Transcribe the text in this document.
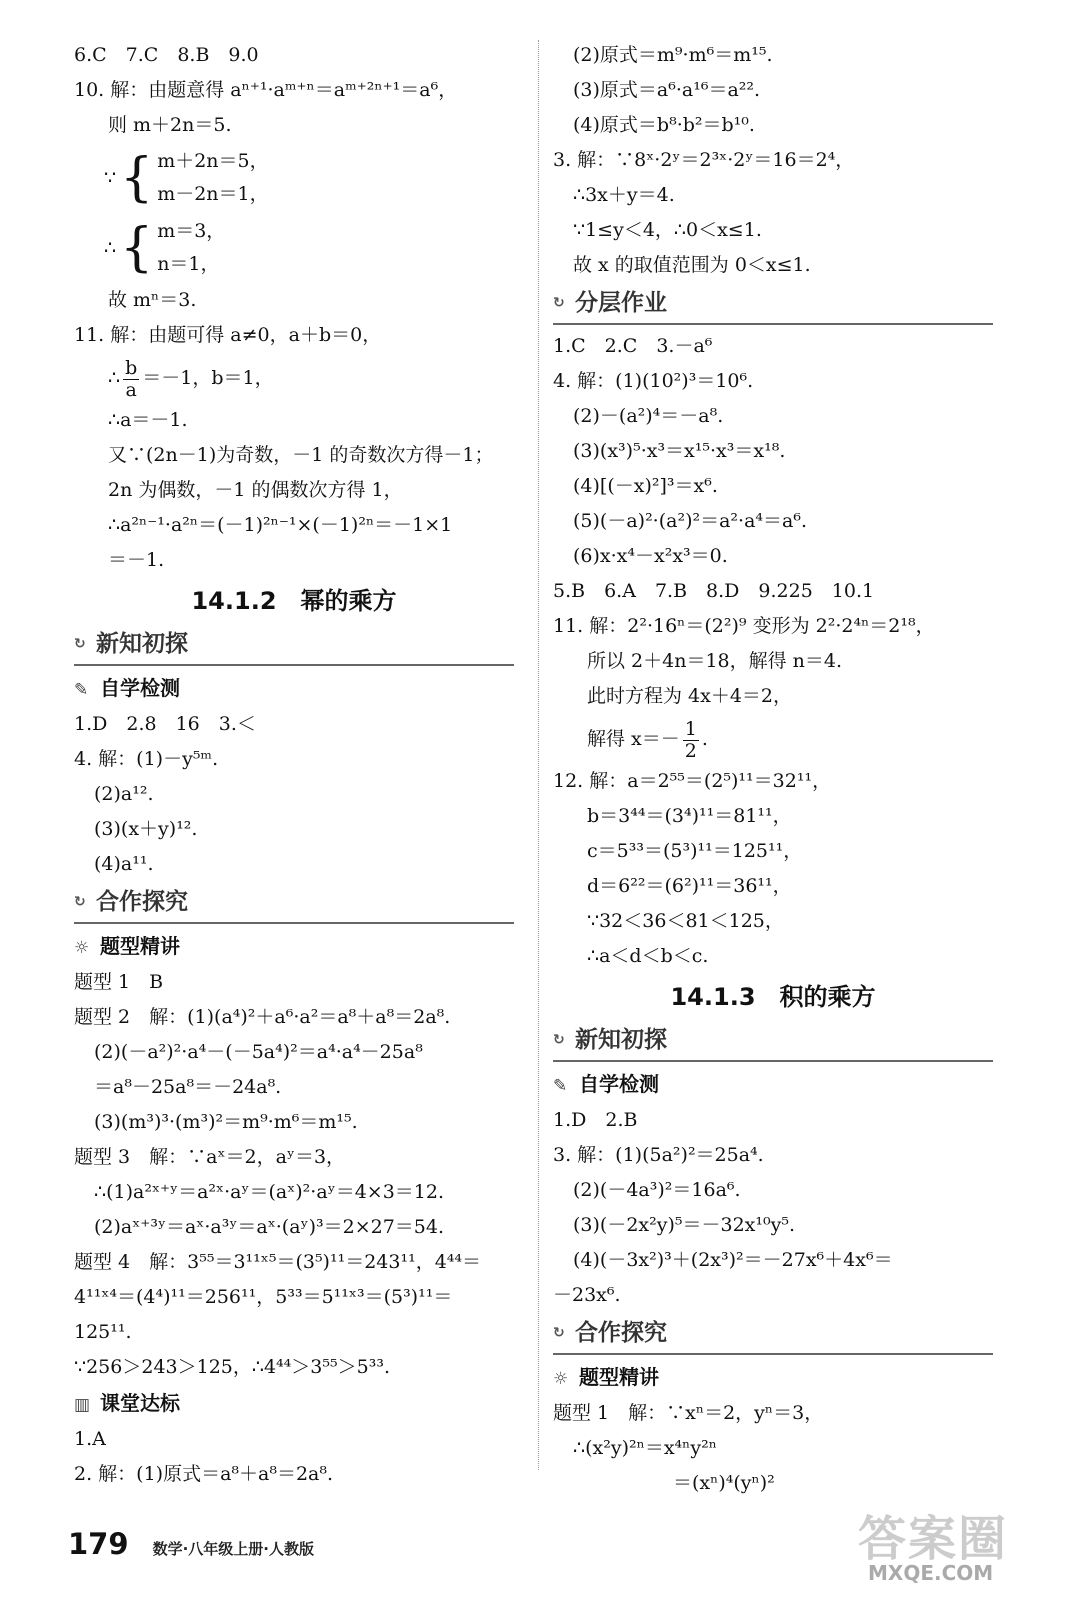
6.C　7.C　8.B　9.0
10. 解：由题意得 aⁿ⁺¹·aᵐ⁺ⁿ＝aᵐ⁺²ⁿ⁺¹＝a⁶，
则 m＋2n＝5.
∵ { m＋2n＝5，
m－2n＝1，
∴ { m＝3，
n＝1，
故 mⁿ＝3.
11. 解：由题可得 a≠0，a＋b＝0，
∴ $\frac{b}{a} =-1$，b＝1，
∴a＝－1.
又∵(2n－1)为奇数，－1 的奇数次方得－1；
2n 为偶数，－1 的偶数次方得 1，
∴a²ⁿ⁻¹·a²ⁿ＝(－1)²ⁿ⁻¹×(－1)²ⁿ＝－1×1
＝－1.
14.1.2　幂的乘方
↻ 新知初探
✎ 自学检测
1.D　2.8　16　3.＜
4. 解：(1)－y⁵ᵐ.
(2)a¹².
(3)(x＋y)¹².
(4)a¹¹.
↻ 合作探究
☼ 题型精讲
题型 1　B
题型 2　解：(1)(a⁴)²＋a⁶·a²＝a⁸＋a⁸＝2a⁸.
(2)(－a²)²·a⁴－(－5a⁴)²＝a⁴·a⁴－25a⁸
＝a⁸－25a⁸＝－24a⁸.
(3)(m³)³·(m³)²＝m⁹·m⁶＝m¹⁵.
题型 3　解：∵aˣ＝2，aʸ＝3，
∴(1)a²ˣ⁺ʸ＝a²ˣ·aʸ＝(aˣ)²·aʸ＝4×3＝12.
(2)aˣ⁺³ʸ＝aˣ·a³ʸ＝aˣ·(aʸ)³＝2×27＝54.
题型 4　解：3⁵⁵＝3¹¹ˣ⁵＝(3⁵)¹¹＝243¹¹，4⁴⁴＝
4¹¹ˣ⁴＝(4⁴)¹¹＝256¹¹，5³³＝5¹¹ˣ³＝(5³)¹¹＝
125¹¹.
∵256＞243＞125，∴4⁴⁴＞3⁵⁵＞5³³.
▥ 课堂达标
1.A
2. 解：(1)原式＝a⁸＋a⁸＝2a⁸.
(2)原式＝m⁹·m⁶＝m¹⁵.
(3)原式＝a⁶·a¹⁶＝a²².
(4)原式＝b⁸·b²＝b¹⁰.
3. 解：∵8ˣ·2ʸ＝2³ˣ·2ʸ＝16＝2⁴，
∴3x＋y＝4.
∵1≤y＜4，∴0＜x≤1.
故 x 的取值范围为 0＜x≤1.
↻ 分层作业
1.C　2.C　3.－a⁶
4. 解：(1)(10²)³＝10⁶.
(2)－(a²)⁴＝－a⁸.
(3)(x³)⁵·x³＝x¹⁵·x³＝x¹⁸.
(4)[(－x)²]³＝x⁶.
(5)(－a)²·(a²)²＝a²·a⁴＝a⁶.
(6)x·x⁴－x²x³＝0.
5.B　6.A　7.B　8.D　9.225　10.1
11. 解：2²·16ⁿ＝(2²)⁹ 变形为 2²·2⁴ⁿ＝2¹⁸，
所以 2＋4n＝18，解得 n＝4.
此时方程为 4x＋4＝2，
解得 $x=- \frac{1}{2}$ .
12. 解：a＝2⁵⁵＝(2⁵)¹¹＝32¹¹，
b＝3⁴⁴＝(3⁴)¹¹＝81¹¹，
c＝5³³＝(5³)¹¹＝125¹¹，
d＝6²²＝(6²)¹¹＝36¹¹，
∵32＜36＜81＜125，
∴a＜d＜b＜c.
14.1.3　积的乘方
↻ 新知初探
✎ 自学检测
1.D　2.B
3. 解：(1)(5a²)²＝25a⁴.
(2)(－4a³)²＝16a⁶.
(3)(－2x²y)⁵＝－32x¹⁰y⁵.
(4)(－3x²)³＋(2x³)²＝－27x⁶＋4x⁶＝
－23x⁶.
↻ 合作探究
☼ 题型精讲
题型 1　解：∵xⁿ＝2，yⁿ＝3，
∴(x²y)²ⁿ＝x⁴ⁿy²ⁿ
＝(xⁿ)⁴(yⁿ)²
179 数学·八年级上册·人教版	答案圈
MXQE.COM
